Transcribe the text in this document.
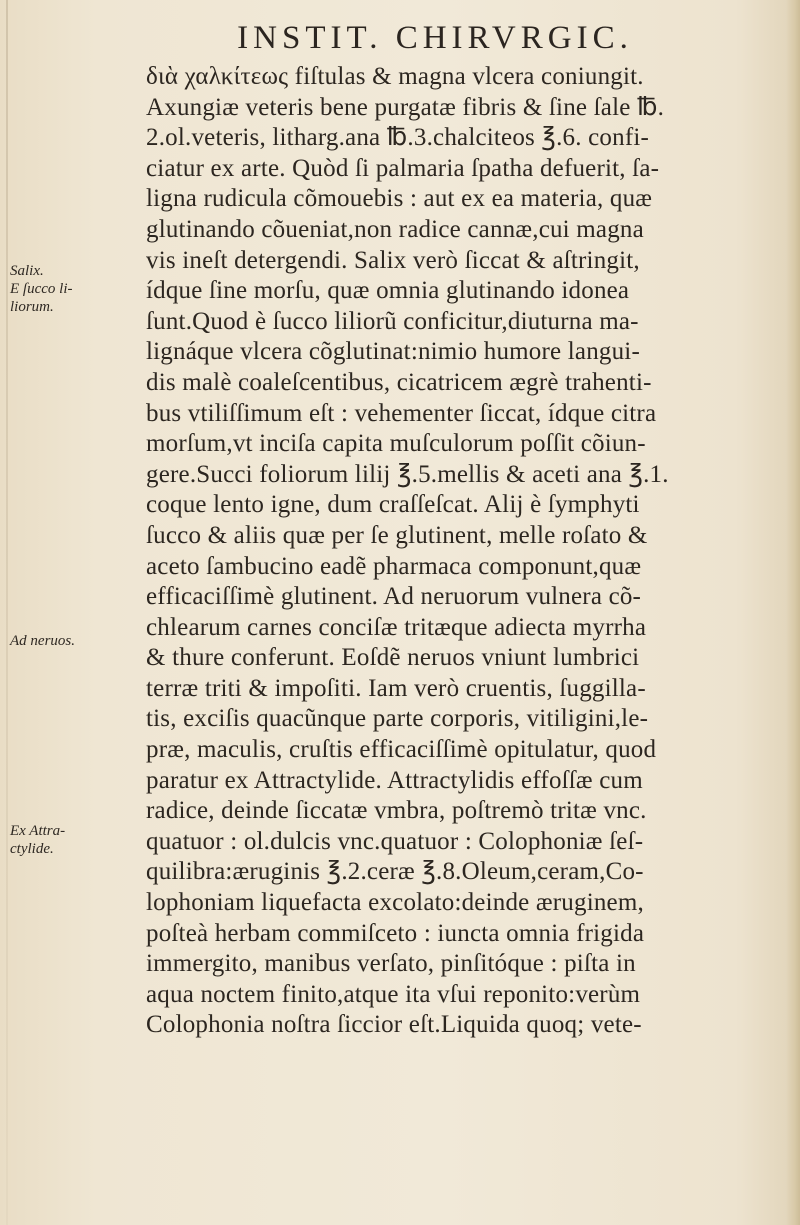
INSTIT. CHIRVRGIC.
Salix.
E ſucco li-
liorum.
Ad neruos.
Ex Attra-
ctylide.
διὰ χαλκίτεως fiſtulas & magna vlcera coniungit.
Axungiæ veteris bene purgatæ fibris & ſine ſale ℔.
2.ol.veteris, litharg.ana ℔.3.chalciteos ℥.6. confi-
ciatur ex arte. Quòd ſi palmaria ſpatha defuerit, ſa-
ligna rudicula cõmouebis : aut ex ea materia, quæ
glutinando cõueniat,non radice cannæ,cui magna
vis ineſt detergendi. Salix verò ſiccat & aſtringit,
ídque ſine morſu, quæ omnia glutinando idonea
ſunt.Quod è ſucco liliorũ conficitur,diuturna ma-
lignáque vlcera cõglutinat:nimio humore langui-
dis malè coaleſcentibus, cicatricem ægrè trahenti-
bus vtiliſſimum eſt : vehementer ſiccat, ídque citra
morſum,vt inciſa capita muſculorum poſſit cõiun-
gere.Succi foliorum lilij ℥.5.mellis & aceti ana ℥.1.
coque lento igne, dum craſſeſcat. Alij è ſymphyti
ſucco & aliis quæ per ſe glutinent, melle roſato &
aceto ſambucino eadẽ pharmaca componunt,quæ
efficaciſſimè glutinent. Ad neruorum vulnera cõ-
chlearum carnes conciſæ tritæque adiecta myrrha
& thure conferunt. Eoſdẽ neruos vniunt lumbrici
terræ triti & impoſiti. Iam verò cruentis, ſuggilla-
tis, exciſis quacũnque parte corporis, vitiligini,le-
præ, maculis, cruſtis efficaciſſimè opitulatur, quod
paratur ex Attractylide. Attractylidis effoſſæ cum
radice, deinde ſiccatæ vmbra, poſtremò tritæ vnc.
quatuor : ol.dulcis vnc.quatuor : Colophoniæ ſeſ-
quilibra:æruginis ℥.2.ceræ ℥.8.Oleum,ceram,Co-
lophoniam liquefacta excolato:deinde æruginem,
poſteà herbam commiſceto : iuncta omnia frigida
immergito, manibus verſato, pinſitóque : piſta in
aqua noctem finito,atque ita vſui reponito:verùm
Colophonia noſtra ſiccior eſt.Liquida quoq; vete-
